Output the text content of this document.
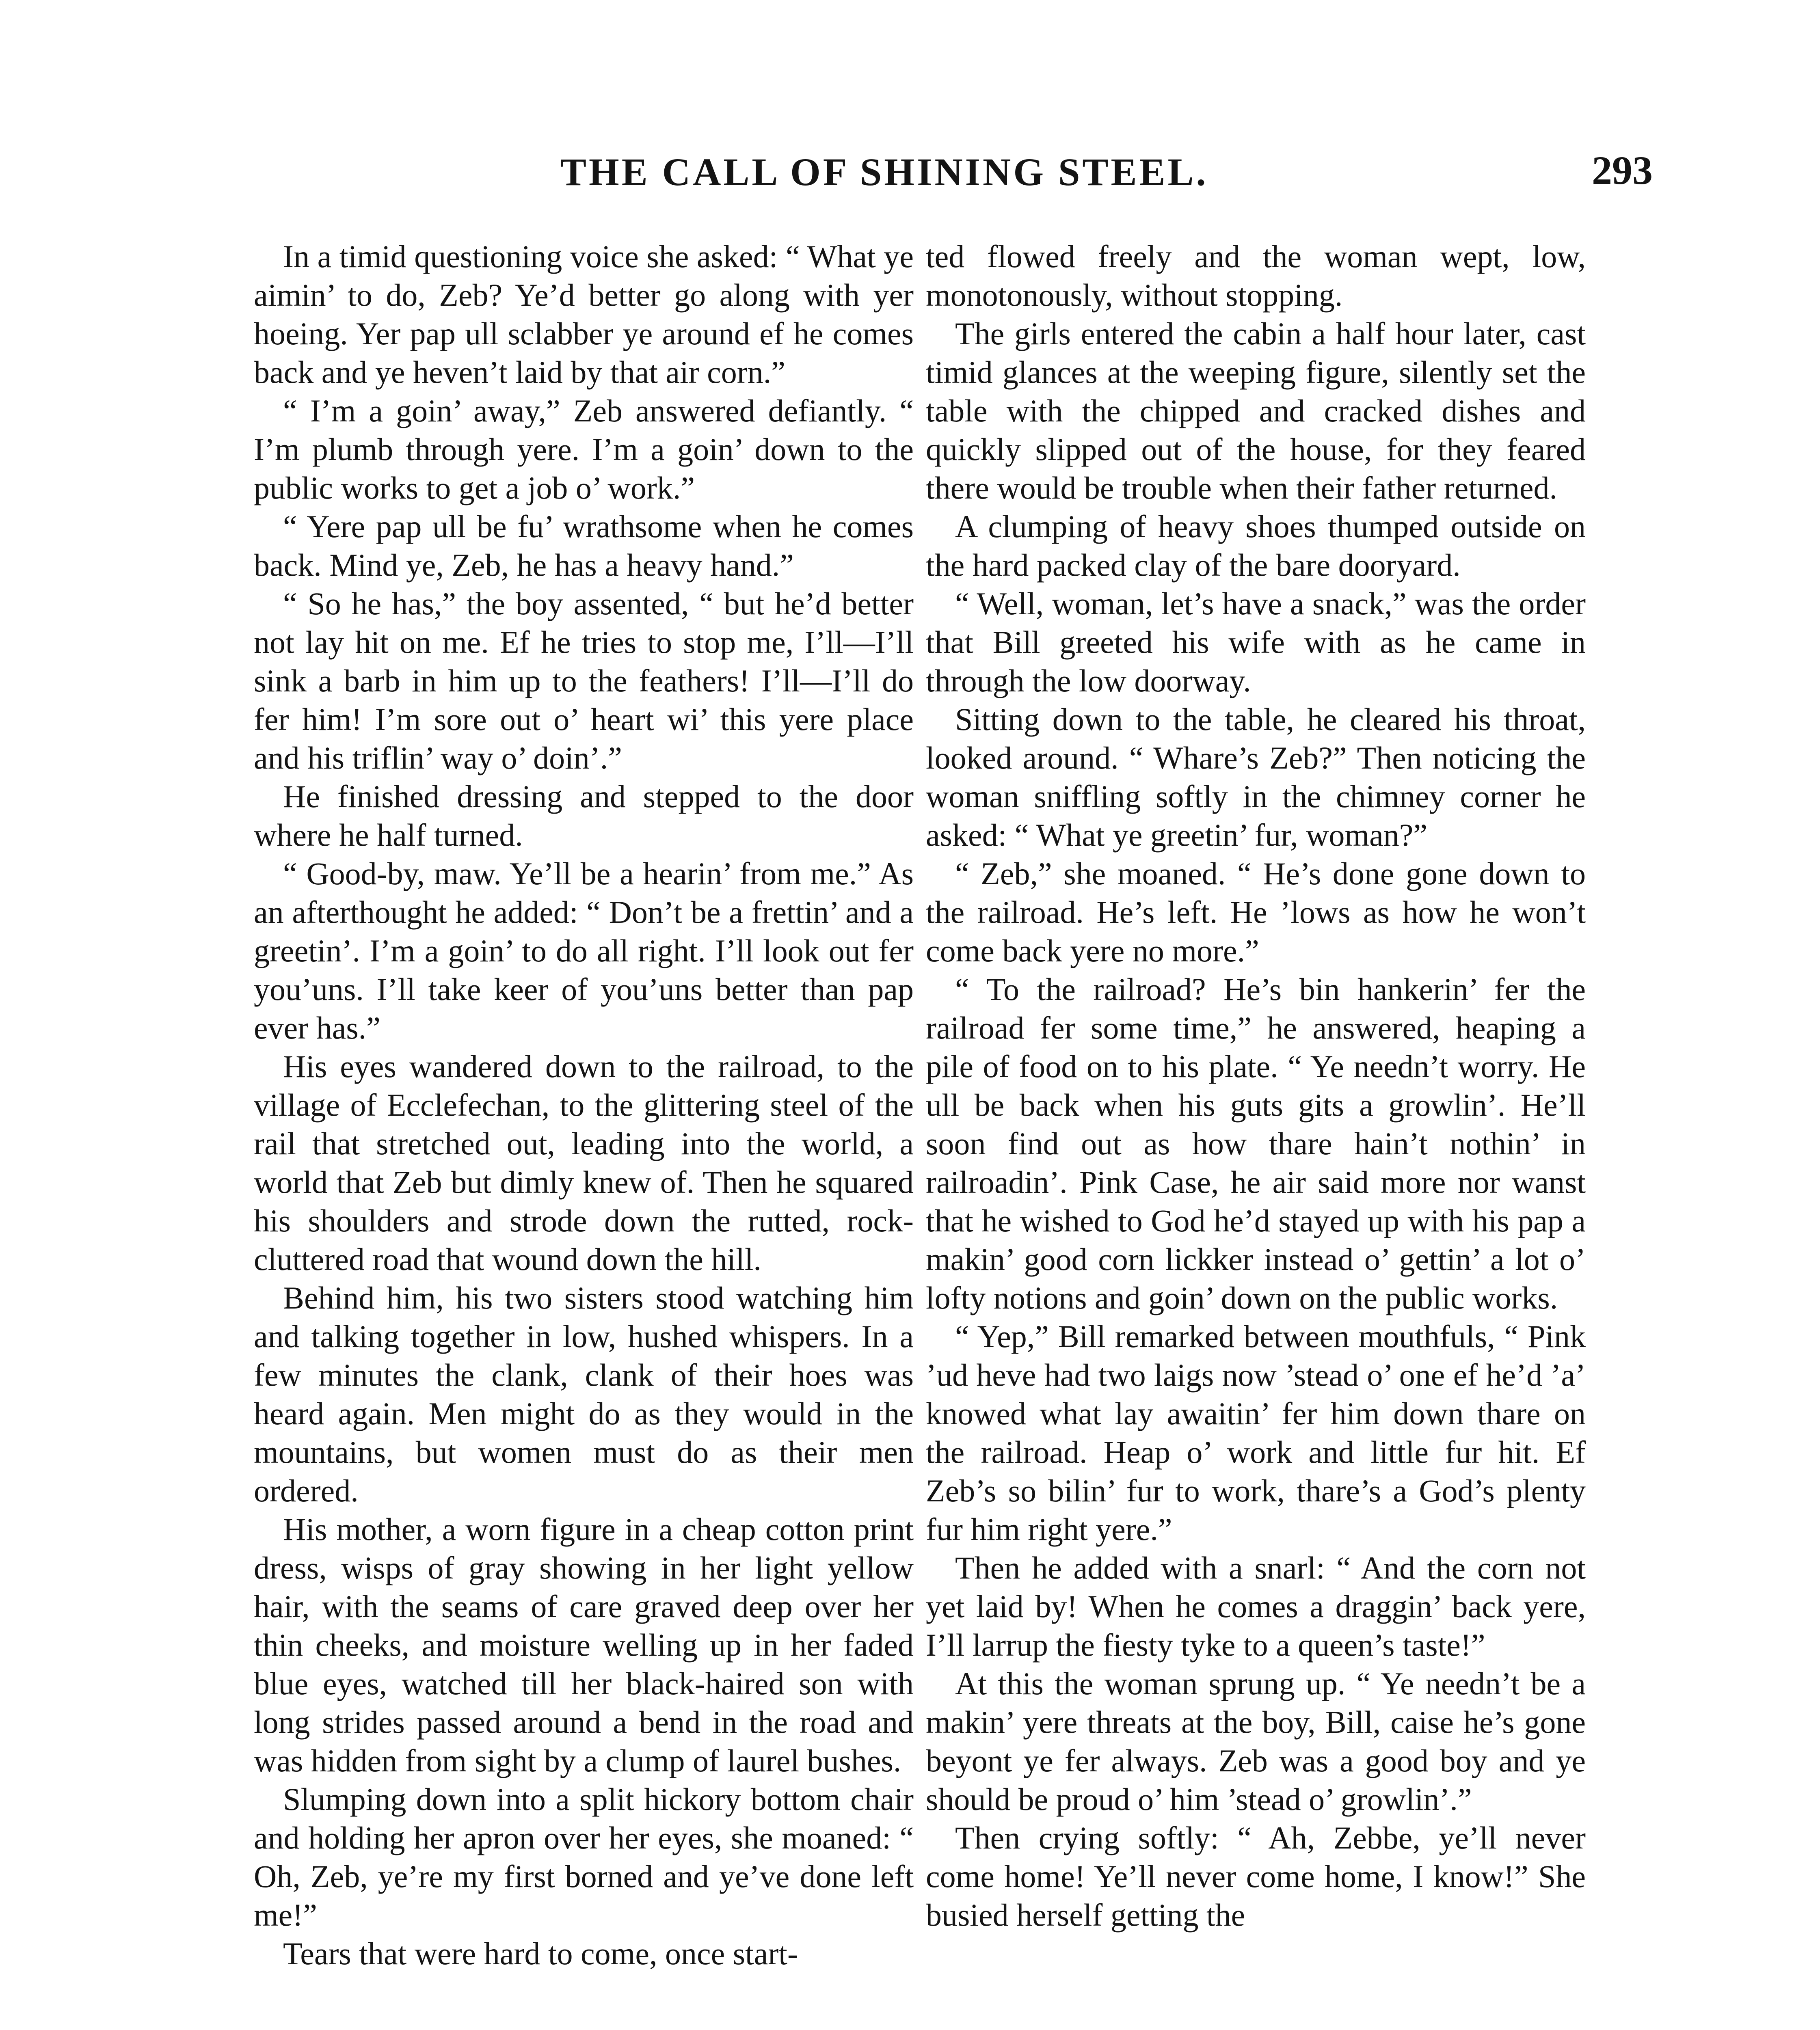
THE CALL OF SHINING STEEL.	293

In a timid questioning voice she asked: “ What ye aimin’ to do, Zeb? Ye’d better go along with yer hoeing. Yer pap ull sclabber ye around ef he comes back and ye heven’t laid by that air corn.”

“ I’m a goin’ away,” Zeb answered defiantly. “ I’m plumb through yere. I’m a goin’ down to the public works to get a job o’ work.”

“ Yere pap ull be fu’ wrathsome when he comes back. Mind ye, Zeb, he has a heavy hand.”

“ So he has,” the boy assented, “ but he’d better not lay hit on me. Ef he tries to stop me, I’ll—I’ll sink a barb in him up to the feathers! I’ll—I’ll do fer him! I’m sore out o’ heart wi’ this yere place and his triflin’ way o’ doin’.”

He finished dressing and stepped to the door where he half turned.

“ Good-by, maw. Ye’ll be a hearin’ from me.” As an afterthought he added: “ Don’t be a frettin’ and a greetin’. I’m a goin’ to do all right. I’ll look out fer you’uns. I’ll take keer of you’uns better than pap ever has.”

His eyes wandered down to the railroad, to the village of Ecclefechan, to the glittering steel of the rail that stretched out, leading into the world, a world that Zeb but dimly knew of. Then he squared his shoulders and strode down the rutted, rock-cluttered road that wound down the hill.

Behind him, his two sisters stood watching him and talking together in low, hushed whispers. In a few minutes the clank, clank of their hoes was heard again. Men might do as they would in the mountains, but women must do as their men ordered.

His mother, a worn figure in a cheap cotton print dress, wisps of gray showing in her light yellow hair, with the seams of care graved deep over her thin cheeks, and moisture welling up in her faded blue eyes, watched till her black-haired son with long strides passed around a bend in the road and was hidden from sight by a clump of laurel bushes.

Slumping down into a split hickory bottom chair and holding her apron over her eyes, she moaned: “ Oh, Zeb, ye’re my first borned and ye’ve done left me!”

Tears that were hard to come, once start-

ted flowed freely and the woman wept, low, monotonously, without stopping.

The girls entered the cabin a half hour later, cast timid glances at the weeping figure, silently set the table with the chipped and cracked dishes and quickly slipped out of the house, for they feared there would be trouble when their father returned.

A clumping of heavy shoes thumped outside on the hard packed clay of the bare dooryard.

“ Well, woman, let’s have a snack,” was the order that Bill greeted his wife with as he came in through the low doorway.

Sitting down to the table, he cleared his throat, looked around. “ Whare’s Zeb?” Then noticing the woman sniffling softly in the chimney corner he asked: “ What ye greetin’ fur, woman?”

“ Zeb,” she moaned. “ He’s done gone down to the railroad. He’s left. He ’lows as how he won’t come back yere no more.”

“ To the railroad? He’s bin hankerin’ fer the railroad fer some time,” he answered, heaping a pile of food on to his plate. “ Ye needn’t worry. He ull be back when his guts gits a growlin’. He’ll soon find out as how thare hain’t nothin’ in railroadin’. Pink Case, he air said more nor wanst that he wished to God he’d stayed up with his pap a makin’ good corn lickker instead o’ gettin’ a lot o’ lofty notions and goin’ down on the public works.

“ Yep,” Bill remarked between mouthfuls, “ Pink ’ud heve had two laigs now ’stead o’ one ef he’d ’a’ knowed what lay awaitin’ fer him down thare on the railroad. Heap o’ work and little fur hit. Ef Zeb’s so bilin’ fur to work, thare’s a God’s plenty fur him right yere.”

Then he added with a snarl: “ And the corn not yet laid by! When he comes a draggin’ back yere, I’ll larrup the fiesty tyke to a queen’s taste!”

At this the woman sprung up. “ Ye needn’t be a makin’ yere threats at the boy, Bill, caise he’s gone beyont ye fer always. Zeb was a good boy and ye should be proud o’ him ’stead o’ growlin’.”

Then crying softly: “ Ah, Zebbe, ye’ll never come home! Ye’ll never come home, I know!” She busied herself getting the
